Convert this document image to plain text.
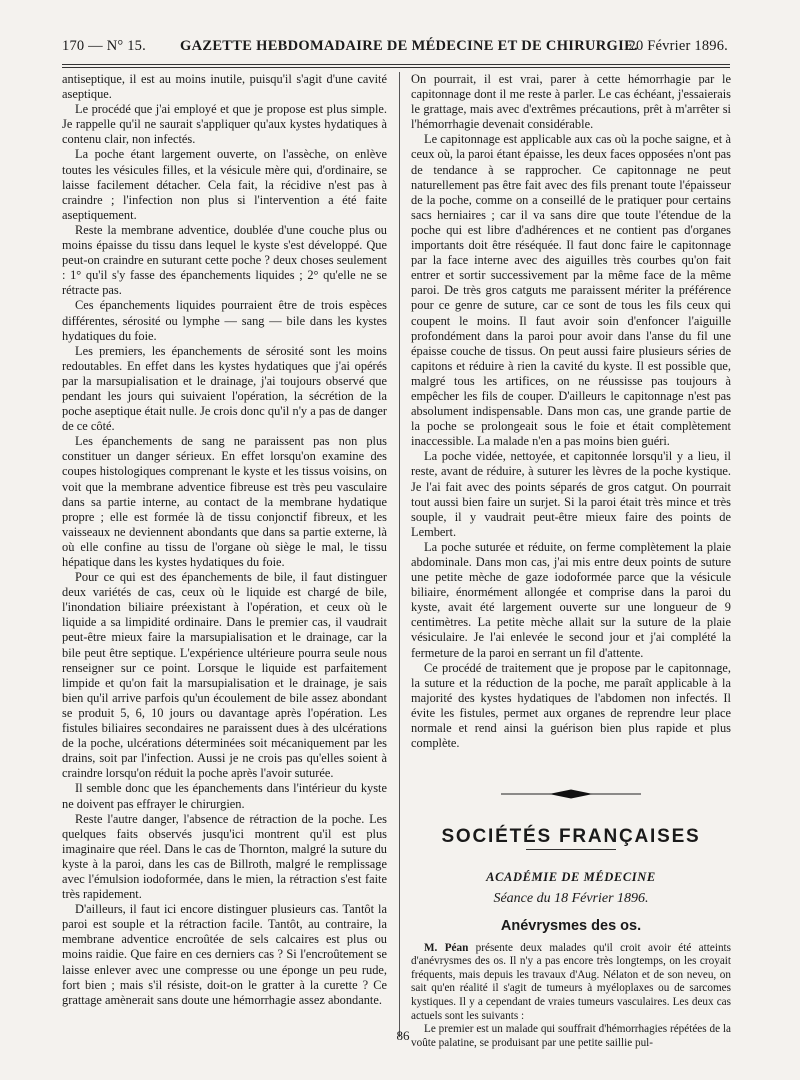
170 — N° 15. GAZETTE HEBDOMADAIRE DE MÉDECINE ET DE CHIRURGIE.
20 Février 1896.

antiseptique, il est au moins inutile, puisqu'il s'agit d'une cavité aseptique.

Le procédé que j'ai employé et que je propose est plus simple. Je rappelle qu'il ne saurait s'appliquer qu'aux kystes hydatiques à contenu clair, non infectés.

La poche étant largement ouverte, on l'assèche, on enlève toutes les vésicules filles, et la vésicule mère qui, d'ordinaire, se laisse facilement détacher. Cela fait, la récidive n'est pas à craindre ; l'infection non plus si l'intervention a été faite aseptiquement.

Reste la membrane adventice, doublée d'une couche plus ou moins épaisse du tissu dans lequel le kyste s'est développé. Que peut-on craindre en suturant cette poche ? deux choses seulement : 1° qu'il s'y fasse des épanchements liquides ; 2° qu'elle ne se rétracte pas.

Ces épanchements liquides pourraient être de trois espèces différentes, sérosité ou lymphe — sang — bile dans les kystes hydatiques du foie.

Les premiers, les épanchements de sérosité sont les moins redoutables. En effet dans les kystes hydatiques que j'ai opérés par la marsupialisation et le drainage, j'ai toujours observé que pendant les jours qui suivaient l'opération, la sécrétion de la poche aseptique était nulle. Je crois donc qu'il n'y a pas de danger de ce côté.

Les épanchements de sang ne paraissent pas non plus constituer un danger sérieux. En effet lorsqu'on examine des coupes histologiques comprenant le kyste et les tissus voisins, on voit que la membrane adventice fibreuse est très peu vasculaire dans sa partie interne, au contact de la membrane hydatique propre ; elle est formée là de tissu conjonctif fibreux, et les vaisseaux ne deviennent abondants que dans sa partie externe, là où elle confine au tissu de l'organe où siège le mal, le tissu hépatique dans les kystes hydatiques du foie.

Pour ce qui est des épanchements de bile, il faut distinguer deux variétés de cas, ceux où le liquide est chargé de bile, l'inondation biliaire préexistant à l'opération, et ceux où le liquide a sa limpidité ordinaire. Dans le premier cas, il vaudrait peut-être mieux faire la marsupialisation et le drainage, car la bile peut être septique. L'expérience ultérieure pourra seule nous renseigner sur ce point. Lorsque le liquide est parfaitement limpide et qu'on fait la marsupialisation et le drainage, je sais bien qu'il arrive parfois qu'un écoulement de bile assez abondant se produit 5, 6, 10 jours ou davantage après l'opération. Les fistules biliaires secondaires ne paraissent dues à des ulcérations de la poche, ulcérations déterminées soit mécaniquement par les drains, soit par l'infection. Aussi je ne crois pas qu'elles soient à craindre lorsqu'on réduit la poche après l'avoir suturée.

Il semble donc que les épanchements dans l'intérieur du kyste ne doivent pas effrayer le chirurgien.

Reste l'autre danger, l'absence de rétraction de la poche. Les quelques faits observés jusqu'ici montrent qu'il est plus imaginaire que réel. Dans le cas de Thornton, malgré la suture du kyste à la paroi, dans les cas de Billroth, malgré le remplissage avec l'émulsion iodoformée, dans le mien, la rétraction s'est faite très rapidement.

D'ailleurs, il faut ici encore distinguer plusieurs cas. Tantôt la paroi est souple et la rétraction facile. Tantôt, au contraire, la membrane adventice encroûtée de sels calcaires est plus ou moins raidie. Que faire en ces derniers cas ? Si l'encroûtement se laisse enlever avec une compresse ou une éponge un peu rude, fort bien ; mais s'il résiste, doit-on le gratter à la curette ? Ce grattage amènerait sans doute une hémorrhagie assez abondante.

On pourrait, il est vrai, parer à cette hémorrhagie par le capitonnage dont il me reste à parler. Le cas échéant, j'essaierais le grattage, mais avec d'extrêmes précautions, prêt à m'arrêter si l'hémorrhagie devenait considérable.

Le capitonnage est applicable aux cas où la poche saigne, et à ceux où, la paroi étant épaisse, les deux faces opposées n'ont pas de tendance à se rapprocher. Ce capitonnage ne peut naturellement pas être fait avec des fils prenant toute l'épaisseur de la poche, comme on a conseillé de le pratiquer pour certains sacs herniaires ; car il va sans dire que toute l'étendue de la poche qui est libre d'adhérences et ne contient pas d'organes importants doit être réséquée. Il faut donc faire le capitonnage par la face interne avec des aiguilles très courbes qu'on fait entrer et sortir successivement par la même face de la même paroi. De très gros catguts me paraissent mériter la préférence pour ce genre de suture, car ce sont de tous les fils ceux qui coupent le moins. Il faut avoir soin d'enfoncer l'aiguille profondément dans la paroi pour avoir dans l'anse du fil une épaisse couche de tissus. On peut aussi faire plusieurs séries de capitons et réduire à rien la cavité du kyste. Il est possible que, malgré tous les artifices, on ne réussisse pas toujours à empêcher les fils de couper. D'ailleurs le capitonnage n'est pas absolument indispensable. Dans mon cas, une grande partie de la poche se prolongeait sous le foie et était complètement inaccessible. La malade n'en a pas moins bien guéri.

La poche vidée, nettoyée, et capitonnée lorsqu'il y a lieu, il reste, avant de réduire, à suturer les lèvres de la poche kystique. Je l'ai fait avec des points séparés de gros catgut. On pourrait tout aussi bien faire un surjet. Si la paroi était très mince et très souple, il y vaudrait peut-être mieux faire des points de Lembert.

La poche suturée et réduite, on ferme complètement la plaie abdominale. Dans mon cas, j'ai mis entre deux points de suture une petite mèche de gaze iodoformée parce que la vésicule biliaire, énormément allongée et comprise dans la paroi du kyste, avait été largement ouverte sur une longueur de 9 centimètres. La petite mèche allait sur la suture de la plaie vésiculaire. Je l'ai enlevée le second jour et j'ai complété la fermeture de la paroi en serrant un fil d'attente.

Ce procédé de traitement que je propose par le capitonnage, la suture et la réduction de la poche, me paraît applicable à la majorité des kystes hydatiques de l'abdomen non infectés. Il évite les fistules, permet aux organes de reprendre leur place normale et rend ainsi la guérison bien plus rapide et plus complète.

SOCIÉTÉS FRANÇAISES
ACADÉMIE DE MÉDECINE
Séance du 18 Février 1896.
Anévrysmes des os.

M. Péan présente deux malades qu'il croit avoir été atteints d'anévrysmes des os. Il n'y a pas encore très longtemps, on les croyait fréquents, mais depuis les travaux d'Aug. Nélaton et de son neveu, on sait qu'en réalité il s'agit de tumeurs à myéloplaxes ou de sarcomes kystiques. Il y a cependant de vraies tumeurs vasculaires. Les deux cas actuels sont les suivants :

Le premier est un malade qui souffrait d'hémorrhagies répétées de la voûte palatine, se produisant par une petite saillie pul-

86
